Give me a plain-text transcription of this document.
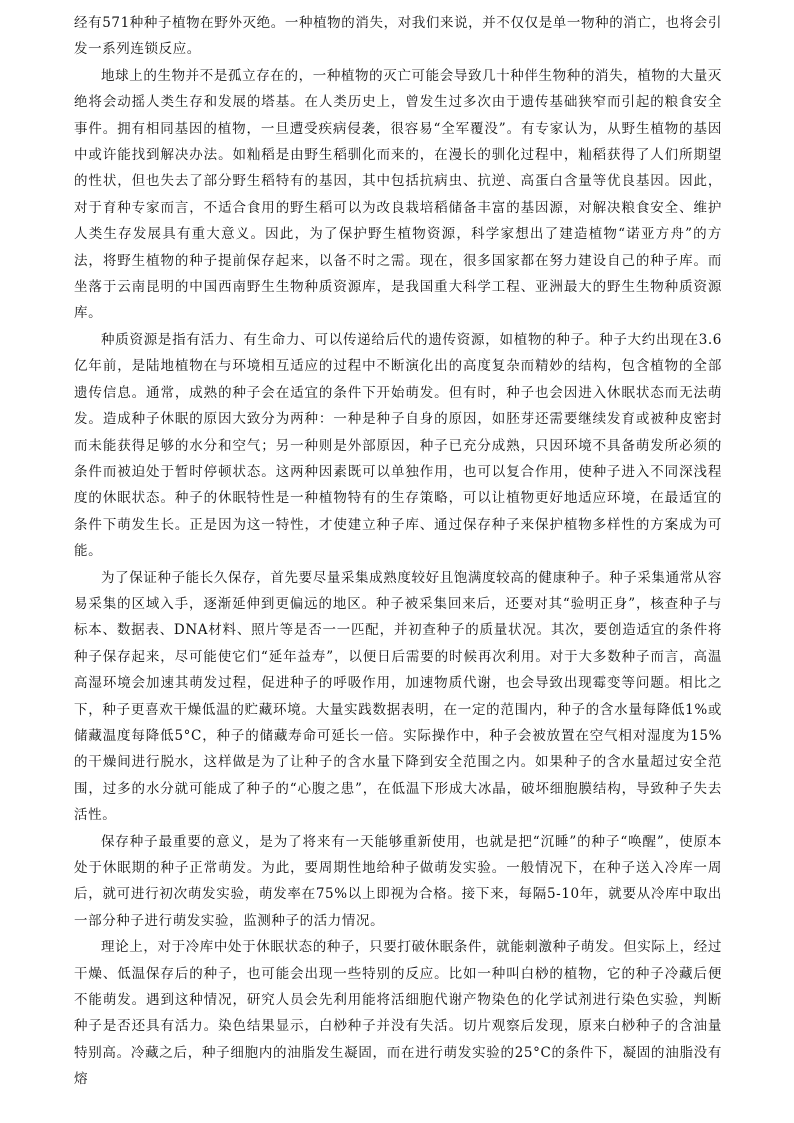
经有571种种子植物在野外灭绝。一种植物的消失，对我们来说，并不仅仅是单一物种的消亡，也将会引发一系列连锁反应。

地球上的生物并不是孤立存在的，一种植物的灭亡可能会导致几十种伴生物种的消失，植物的大量灭绝将会动摇人类生存和发展的塔基。在人类历史上，曾发生过多次由于遗传基础狭窄而引起的粮食安全事件。拥有相同基因的植物，一旦遭受疾病侵袭，很容易“全军覆没”。有专家认为，从野生植物的基因中或许能找到解决办法。如籼稻是由野生稻驯化而来的，在漫长的驯化过程中，籼稻获得了人们所期望的性状，但也失去了部分野生稻特有的基因，其中包括抗病虫、抗逆、高蛋白含量等优良基因。因此，对于育种专家而言，不适合食用的野生稻可以为改良栽培稻储备丰富的基因源，对解决粮食安全、维护人类生存发展具有重大意义。因此，为了保护野生植物资源，科学家想出了建造植物“诺亚方舟”的方法，将野生植物的种子提前保存起来，以备不时之需。现在，很多国家都在努力建设自己的种子库。而坐落于云南昆明的中国西南野生生物种质资源库，是我国重大科学工程、亚洲最大的野生生物种质资源库。

种质资源是指有活力、有生命力、可以传递给后代的遗传资源，如植物的种子。种子大约出现在3.6亿年前，是陆地植物在与环境相互适应的过程中不断演化出的高度复杂而精妙的结构，包含植物的全部遗传信息。通常，成熟的种子会在适宜的条件下开始萌发。但有时，种子也会因进入休眠状态而无法萌发。造成种子休眠的原因大致分为两种：一种是种子自身的原因，如胚芽还需要继续发育或被种皮密封而未能获得足够的水分和空气；另一种则是外部原因，种子已充分成熟，只因环境不具备萌发所必须的条件而被迫处于暂时停顿状态。这两种因素既可以单独作用，也可以复合作用，使种子进入不同深浅程度的休眠状态。种子的休眠特性是一种植物特有的生存策略，可以让植物更好地适应环境，在最适宜的条件下萌发生长。正是因为这一特性，才使建立种子库、通过保存种子来保护植物多样性的方案成为可能。

为了保证种子能长久保存，首先要尽量采集成熟度较好且饱满度较高的健康种子。种子采集通常从容易采集的区域入手，逐渐延伸到更偏远的地区。种子被采集回来后，还要对其“验明正身”，核查种子与标本、数据表、DNA材料、照片等是否一一匹配，并初查种子的质量状况。其次，要创造适宜的条件将种子保存起来，尽可能使它们“延年益寿”，以便日后需要的时候再次利用。对于大多数种子而言，高温高湿环境会加速其萌发过程，促进种子的呼吸作用，加速物质代谢，也会导致出现霉变等问题。相比之下，种子更喜欢干燥低温的贮藏环境。大量实践数据表明，在一定的范围内，种子的含水量每降低1%或储藏温度每降低5°C，种子的储藏寿命可延长一倍。实际操作中，种子会被放置在空气相对湿度为15%的干燥间进行脱水，这样做是为了让种子的含水量下降到安全范围之内。如果种子的含水量超过安全范围，过多的水分就可能成了种子的“心腹之患”，在低温下形成大冰晶，破坏细胞膜结构，导致种子失去活性。

保存种子最重要的意义，是为了将来有一天能够重新使用，也就是把“沉睡”的种子“唤醒”，使原本处于休眠期的种子正常萌发。为此，要周期性地给种子做萌发实验。一般情况下，在种子送入冷库一周后，就可进行初次萌发实验，萌发率在75%以上即视为合格。接下来，每隔5-10年，就要从冷库中取出一部分种子进行萌发实验，监测种子的活力情况。

理论上，对于冷库中处于休眠状态的种子，只要打破休眠条件，就能刺激种子萌发。但实际上，经过干燥、低温保存后的种子，也可能会出现一些特别的反应。比如一种叫白桫的植物，它的种子冷藏后便不能萌发。遇到这种情况，研究人员会先利用能将活细胞代谢产物染色的化学试剂进行染色实验，判断种子是否还具有活力。染色结果显示，白桫种子并没有失活。切片观察后发现，原来白桫种子的含油量特别高。冷藏之后，种子细胞内的油脂发生凝固，而在进行萌发实验的25°C的条件下，凝固的油脂没有熔
